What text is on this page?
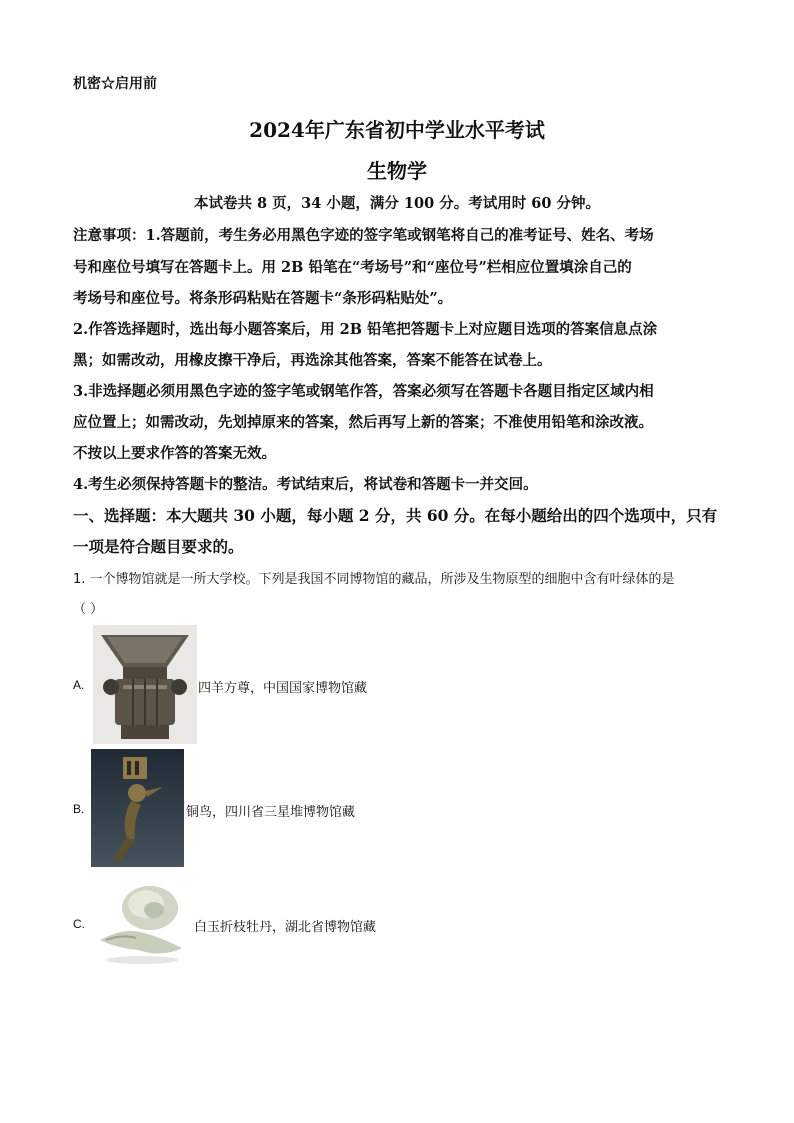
机密☆启用前
2024年广东省初中学业水平考试
生物学
本试卷共 8 页，34 小题，满分 100 分。考试用时 60 分钟。
注意事项：1.答题前，考生务必用黑色字迹的签字笔或钢笔将自己的准考证号、姓名、考场
号和座位号填写在答题卡上。用 2B 铅笔在“考场号”和“座位号”栏相应位置填涂自己的
考场号和座位号。将条形码粘贴在答题卡“条形码粘贴处”。
2.作答选择题时，选出每小题答案后，用 2B 铅笔把答题卡上对应题目选项的答案信息点涂
黑；如需改动，用橡皮擦干净后，再选涂其他答案，答案不能答在试卷上。
3.非选择题必须用黑色字迹的签字笔或钢笔作答，答案必须写在答题卡各题目指定区域内相
应位置上；如需改动，先划掉原来的答案，然后再写上新的答案；不准使用铅笔和涂改液。
不按以上要求作答的答案无效。
4.考生必须保持答题卡的整洁。考试结束后，将试卷和答题卡一并交回。
一、选择题：本大题共 30 小题，每小题 2 分，共 60 分。在每小题给出的四个选项中，只有
一项是符合题目要求的。
1. 一个博物馆就是一所大学校。下列是我国不同博物馆的藏品，所涉及生物原型的细胞中含有叶绿体的是
（ ）
A.	四羊方尊，中国国家博物馆藏
B.	铜鸟，四川省三星堆博物馆藏
C.	白玉折枝牡丹，湖北省博物馆藏
